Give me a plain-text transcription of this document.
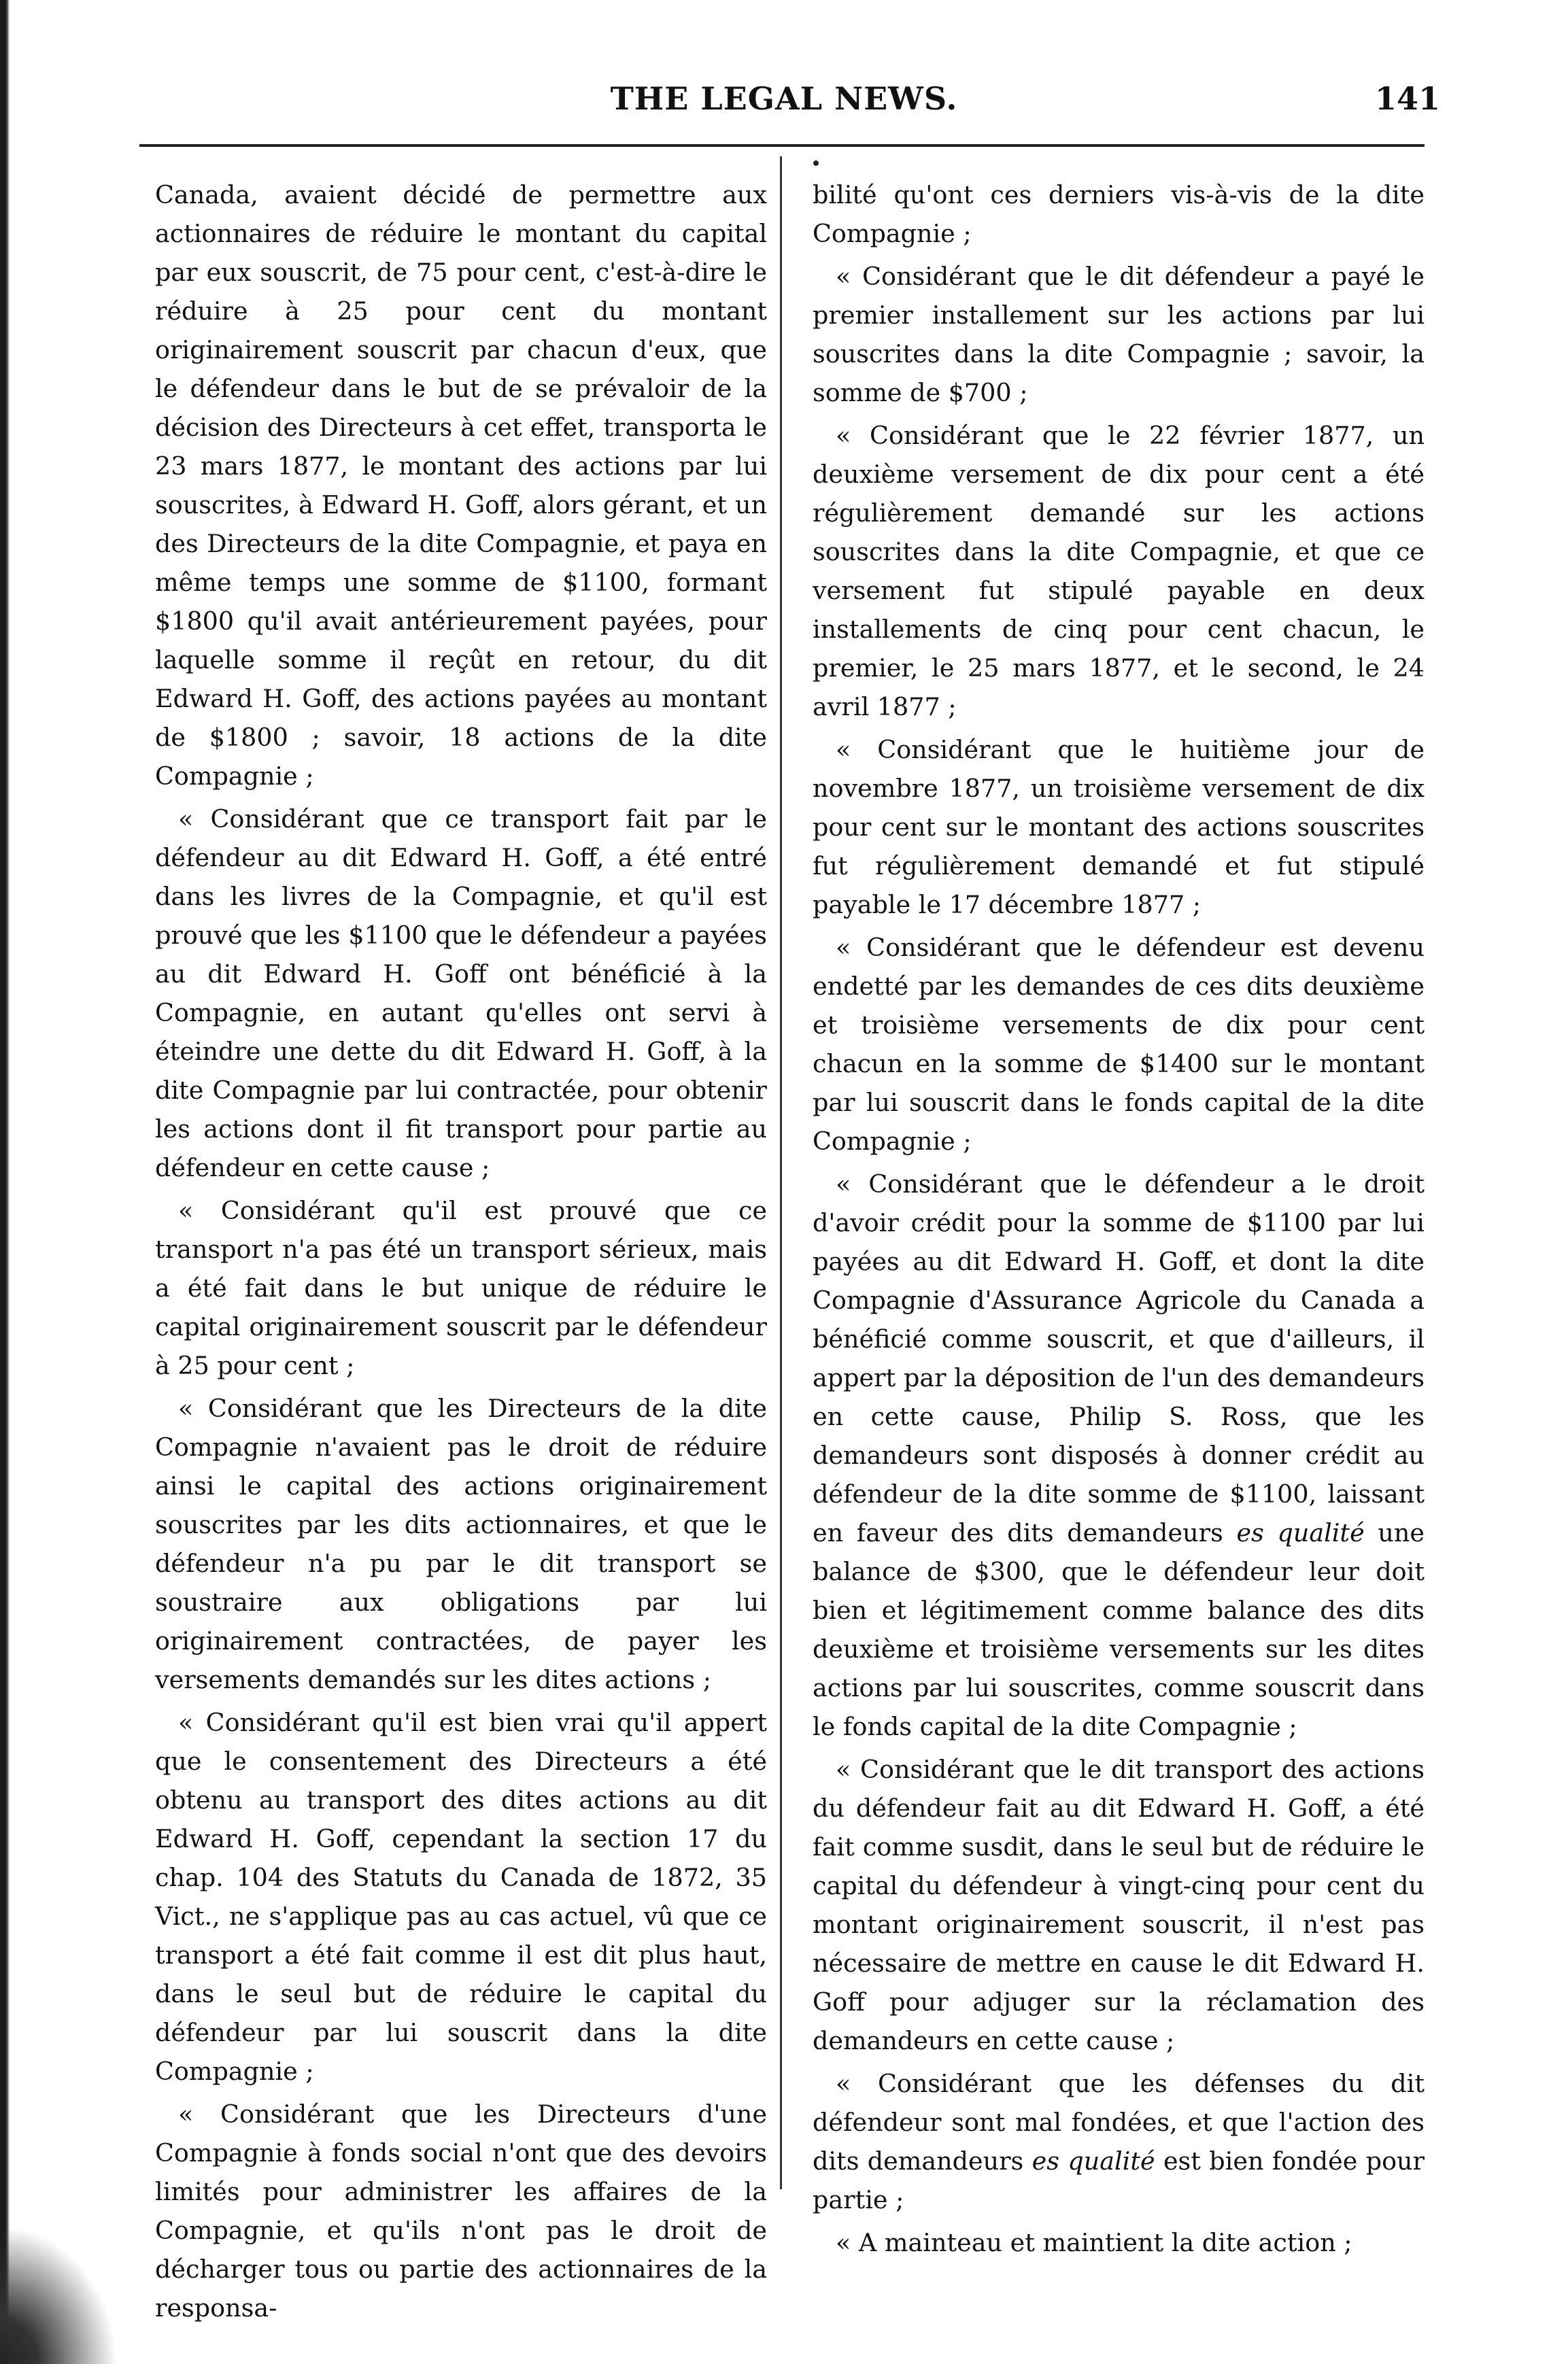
THE LEGAL NEWS.	141

Canada, avaient décidé de permettre aux actionnaires de réduire le montant du capital par eux souscrit, de 75 pour cent, c'est-à-dire le réduire à 25 pour cent du montant originairement souscrit par chacun d'eux, que le défendeur dans le but de se prévaloir de la décision des Directeurs à cet effet, transporta le 23 mars 1877, le montant des actions par lui souscrites, à Edward H. Goff, alors gérant, et un des Directeurs de la dite Compagnie, et paya en même temps une somme de $1100, formant $1800 qu'il avait antérieurement payées, pour laquelle somme il reçût en retour, du dit Edward H. Goff, des actions payées au montant de $1800 ; savoir, 18 actions de la dite Compagnie ;

« Considérant que ce transport fait par le défendeur au dit Edward H. Goff, a été entré dans les livres de la Compagnie, et qu'il est prouvé que les $1100 que le défendeur a payées au dit Edward H. Goff ont bénéficié à la Compagnie, en autant qu'elles ont servi à éteindre une dette du dit Edward H. Goff, à la dite Compagnie par lui contractée, pour obtenir les actions dont il fit transport pour partie au défendeur en cette cause ;

« Considérant qu'il est prouvé que ce transport n'a pas été un transport sérieux, mais a été fait dans le but unique de réduire le capital originairement souscrit par le défendeur à 25 pour cent ;

« Considérant que les Directeurs de la dite Compagnie n'avaient pas le droit de réduire ainsi le capital des actions originairement souscrites par les dits actionnaires, et que le défendeur n'a pu par le dit transport se soustraire aux obligations par lui originairement contractées, de payer les versements demandés sur les dites actions ;

« Considérant qu'il est bien vrai qu'il appert que le consentement des Directeurs a été obtenu au transport des dites actions au dit Edward H. Goff, cependant la section 17 du chap. 104 des Statuts du Canada de 1872, 35 Vict., ne s'applique pas au cas actuel, vû que ce transport a été fait comme il est dit plus haut, dans le seul but de réduire le capital du défendeur par lui souscrit dans la dite Compagnie ;

« Considérant que les Directeurs d'une Compagnie à fonds social n'ont que des devoirs limités pour administrer les affaires de la Compagnie, et qu'ils n'ont pas le droit de décharger tous ou partie des actionnaires de la responsa-

bilité qu'ont ces derniers vis-à-vis de la dite Compagnie ;

« Considérant que le dit défendeur a payé le premier installement sur les actions par lui souscrites dans la dite Compagnie ; savoir, la somme de $700 ;

« Considérant que le 22 février 1877, un deuxième versement de dix pour cent a été régulièrement demandé sur les actions souscrites dans la dite Compagnie, et que ce versement fut stipulé payable en deux installements de cinq pour cent chacun, le premier, le 25 mars 1877, et le second, le 24 avril 1877 ;

« Considérant que le huitième jour de novembre 1877, un troisième versement de dix pour cent sur le montant des actions souscrites fut régulièrement demandé et fut stipulé payable le 17 décembre 1877 ;

« Considérant que le défendeur est devenu endetté par les demandes de ces dits deuxième et troisième versements de dix pour cent chacun en la somme de $1400 sur le montant par lui souscrit dans le fonds capital de la dite Compagnie ;

« Considérant que le défendeur a le droit d'avoir crédit pour la somme de $1100 par lui payées au dit Edward H. Goff, et dont la dite Compagnie d'Assurance Agricole du Canada a bénéficié comme souscrit, et que d'ailleurs, il appert par la déposition de l'un des demandeurs en cette cause, Philip S. Ross, que les demandeurs sont disposés à donner crédit au défendeur de la dite somme de $1100, laissant en faveur des dits demandeurs es qualité une balance de $300, que le défendeur leur doit bien et légitimement comme balance des dits deuxième et troisième versements sur les dites actions par lui souscrites, comme souscrit dans le fonds capital de la dite Compagnie ;

« Considérant que le dit transport des actions du défendeur fait au dit Edward H. Goff, a été fait comme susdit, dans le seul but de réduire le capital du défendeur à vingt-cinq pour cent du montant originairement souscrit, il n'est pas nécessaire de mettre en cause le dit Edward H. Goff pour adjuger sur la réclamation des demandeurs en cette cause ;

« Considérant que les défenses du dit défendeur sont mal fondées, et que l'action des dits demandeurs es qualité est bien fondée pour partie ;

« A mainteau et maintient la dite action ;
